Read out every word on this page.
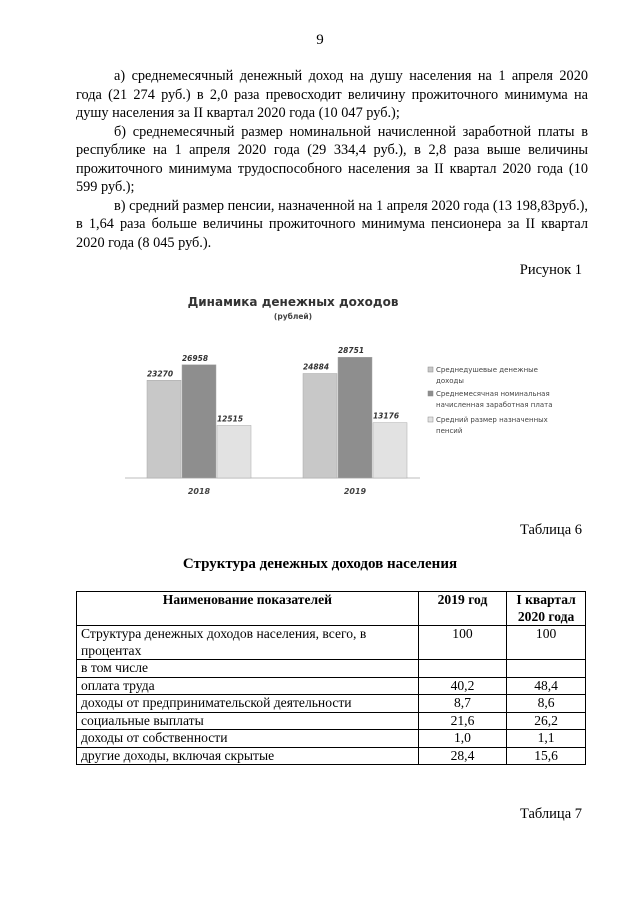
9

а) среднемесячный денежный доход на душу населения на 1 апреля 2020 года (21 274 руб.) в 2,0 раза превосходит величину прожиточного минимума на душу населения за II квартал 2020 года (10 047 руб.);

б) среднемесячный размер номинальной начисленной заработной платы в республике на 1 апреля 2020 года (29 334,4 руб.), в 2,8 раза выше величины прожиточного минимума трудоспособного населения за II квартал 2020 года (10 599 руб.);

в) средний размер пенсии, назначенной на 1 апреля 2020 года (13 198,83руб.), в 1,64 раза больше величины прожиточного минимума пенсионера за II квартал 2020 года (8 045 руб.).

Рисунок 1
Динамика денежных доходов
(рублей)
23270
26958
12515
2018
24884
28751
13176
2019
Среднедушевые денежные доходы
Среднемесячная номинальная начисленная заработная плата
Средний размер назначенных пенсий
Таблица 6
Структура денежных доходов населения
Наименование показателей	2019 год	I квартал 2020 года
Структура денежных доходов населения, всего, в процентах	100	100
в том числе		
оплата труда	40,2	48,4
доходы от предпринимательской деятельности	8,7	8,6
социальные выплаты	21,6	26,2
доходы от собственности	1,0	1,1
другие доходы, включая скрытые	28,4	15,6
Таблица 7
